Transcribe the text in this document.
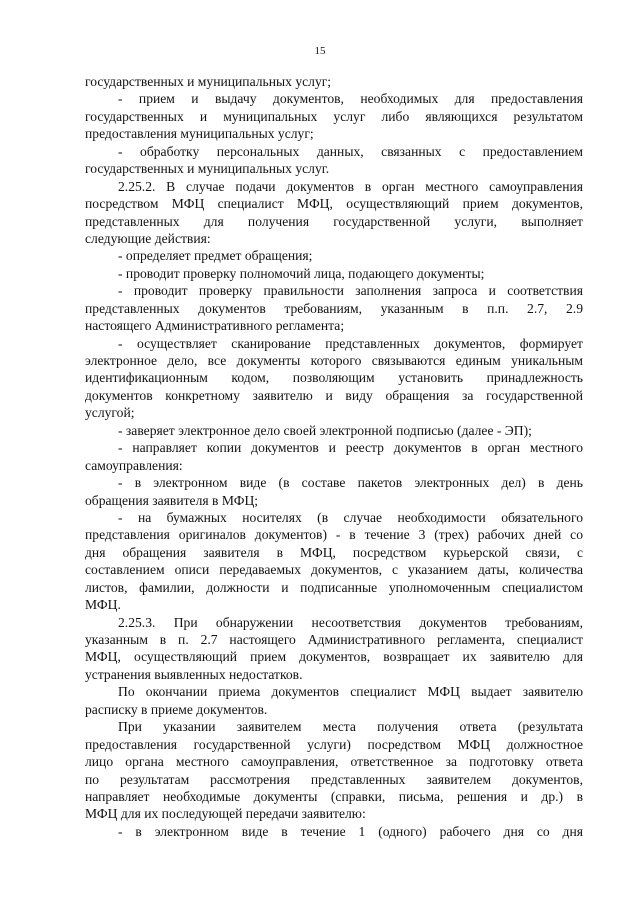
15
государственных и муниципальных услуг;
- прием и выдачу документов, необходимых для предоставления
государственных и муниципальных услуг либо являющихся результатом
предоставления муниципальных услуг;
- обработку персональных данных, связанных с предоставлением
государственных и муниципальных услуг.
2.25.2. В случае подачи документов в орган местного самоуправления
посредством МФЦ специалист МФЦ, осуществляющий прием документов,
представленных для получения государственной услуги, выполняет
следующие действия:
- определяет предмет обращения;
- проводит проверку полномочий лица, подающего документы;
- проводит проверку правильности заполнения запроса и соответствия
представленных документов требованиям, указанным в п.п. 2.7, 2.9
настоящего Административного регламента;
- осуществляет сканирование представленных документов, формирует
электронное дело, все документы которого связываются единым уникальным
идентификационным кодом, позволяющим установить принадлежность
документов конкретному заявителю и виду обращения за государственной
услугой;
- заверяет электронное дело своей электронной подписью (далее - ЭП);
- направляет копии документов и реестр документов в орган местного
самоуправления:
- в электронном виде (в составе пакетов электронных дел) в день
обращения заявителя в МФЦ;
- на бумажных носителях (в случае необходимости обязательного
представления оригиналов документов) - в течение 3 (трех) рабочих дней со
дня обращения заявителя в МФЦ, посредством курьерской связи, с
составлением описи передаваемых документов, с указанием даты, количества
листов, фамилии, должности и подписанные уполномоченным специалистом
МФЦ.
2.25.3. При обнаружении несоответствия документов требованиям,
указанным в п. 2.7 настоящего Административного регламента, специалист
МФЦ, осуществляющий прием документов, возвращает их заявителю для
устранения выявленных недостатков.
По окончании приема документов специалист МФЦ выдает заявителю
расписку в приеме документов.
При указании заявителем места получения ответа (результата
предоставления государственной услуги) посредством МФЦ должностное
лицо органа местного самоуправления, ответственное за подготовку ответа
по результатам рассмотрения представленных заявителем документов,
направляет необходимые документы (справки, письма, решения и др.) в
МФЦ для их последующей передачи заявителю:
- в электронном виде в течение 1 (одного) рабочего дня со дня
